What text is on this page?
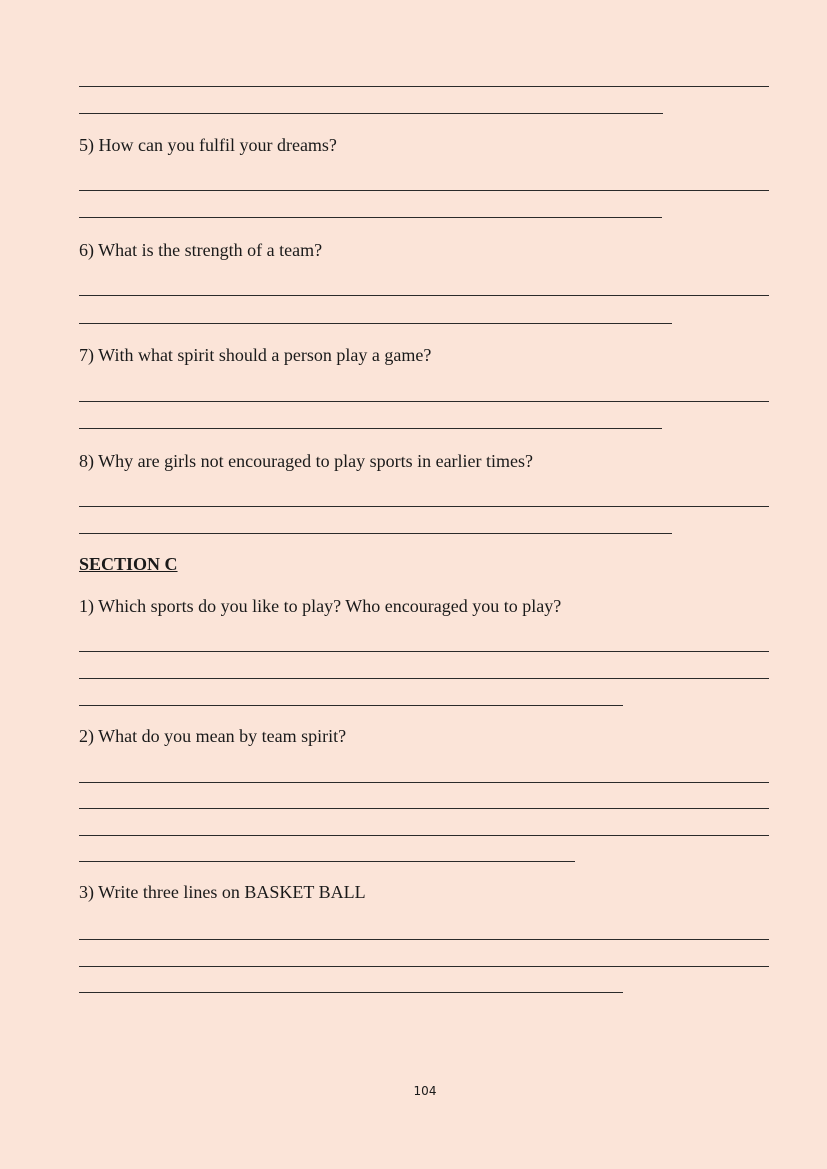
5) How can you fulfil your dreams?
6) What is the strength of a team?
7) With what spirit should a person play a game?
8) Why are girls not encouraged to play sports in earlier times?
SECTION C
1) Which sports do you like to play? Who encouraged you to play?
2) What do you mean by team spirit?
3) Write three lines on BASKET BALL
104
